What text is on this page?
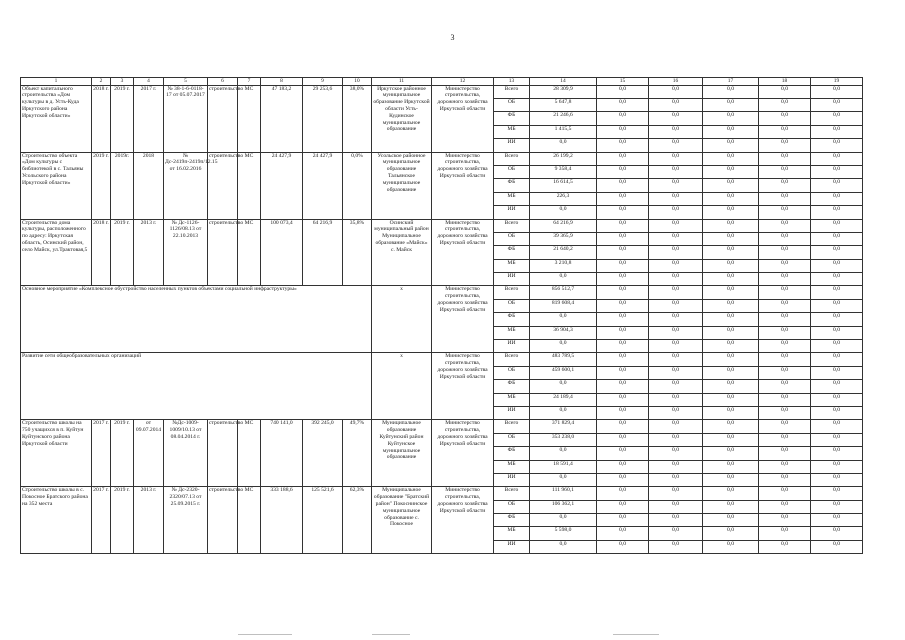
3
1	2	3	4	5	6	7	8	9	10	11	12	13	14	15	16	17	18	19
Объект капитального строительства «Дом культуры в д. Усть-Куда Иркутского района Иркутской области»	2018 г.	2019 г.	2017 г.	№ 38-1-6-0118-17 от 05.07.2017	строительство	МС	47 183,2	29 253,6	38,0%	Иркутское районное муниципальное образование Иркутской области Усть-Кудинское муниципальное образование	Министерство строительства, дорожного хозяйства Иркутской области	Всего	28 309,9	0,0	0,0	0,0	0,0	0,0
												ОБ	5 647,8	0,0	0,0	0,0	0,0	0,0
												ФБ	21 246,6	0,0	0,0	0,0	0,0	0,0
												МБ	1 415,5	0,0	0,0	0,0	0,0	0,0
												ИИ	0,0	0,0	0,0	0,0	0,0	0,0
Строительство объекта «Дом культуры с библиотекой в с. Тальяны Усольского района Иркутской области»	2019 г.	2019г.	2018	№ Дс-2419п-2419п/12.15 от 16.02.2016	строительство	МС	24 427,9	24 427,9	0,0%	Усольское районное муниципальное образование Тальянское муниципальное образование	Министерство строительства, дорожного хозяйства Иркутской области	Всего	26 199,2	0,0	0,0	0,0	0,0	0,0
												ОБ	9 358,4	0,0	0,0	0,0	0,0	0,0
												ФБ	16 614,5	0,0	0,0	0,0	0,0	0,0
												МБ	226,3	0,0	0,0	0,0	0,0	0,0
												ИИ	0,0	0,0	0,0	0,0	0,0	0,0
Строительство дома культуры, расположенного по адресу: Иркутская область, Осинский район, село Майск, ул.Трактовая,5	2018 г.	2019 г.	2013 г.	№ Дс-1126-1126/08.13 от 22.10.2013	строительство	МС	100 073,4	64 216,9	35,8%	Осинский муниципальный район Муниципальное образование «Майск» с. Майск	Министерство строительства, дорожного хозяйства Иркутской области	Всего	64 216,9	0,0	0,0	0,0	0,0	0,0
												ОБ	39 365,9	0,0	0,0	0,0	0,0	0,0
												ФБ	21 640,2	0,0	0,0	0,0	0,0	0,0
												МБ	3 210,8	0,0	0,0	0,0	0,0	0,0
												ИИ	0,0	0,0	0,0	0,0	0,0	0,0
Основное мероприятие «Комплексное обустройство населенных пунктов объектами социальной инфраструктуры»										х	Министерство строительства, дорожного хозяйства Иркутской области	Всего	856 512,7	0,0	0,0	0,0	0,0	0,0
												ОБ	819 608,4	0,0	0,0	0,0	0,0	0,0
												ФБ	0,0	0,0	0,0	0,0	0,0	0,0
												МБ	36 904,3	0,0	0,0	0,0	0,0	0,0
												ИИ	0,0	0,0	0,0	0,0	0,0	0,0
Развитие сети общеобразовательных организаций										х	Министерство строительства, дорожного хозяйства Иркутской области	Всего	483 789,5	0,0	0,0	0,0	0,0	0,0
												ОБ	459 600,1	0,0	0,0	0,0	0,0	0,0
												ФБ	0,0	0,0	0,0	0,0	0,0	0,0
												МБ	24 189,4	0,0	0,0	0,0	0,0	0,0
												ИИ	0,0	0,0	0,0	0,0	0,0	0,0
Строительство школы на 750 учащихся в п. Куйтун Куйтунского района Иркутской области	2017 г.	2019 г.	от 09.07.2014	№Дс-1009-1009/10.13 от 08.04.2014 г.	строительство	МС	740 141,0	392 245,0	49,7%	Муниципальное образование Куйтунский район Куйтунское муниципальное образование	Министерство строительства, дорожного хозяйства Иркутской области	Всего	371 829,4	0,0	0,0	0,0	0,0	0,0
												ОБ	353 238,0	0,0	0,0	0,0	0,0	0,0
												ФБ	0,0	0,0	0,0	0,0	0,0	0,0
												МБ	18 591,4	0,0	0,0	0,0	0,0	0,0
												ИИ	0,0	0,0	0,0	0,0	0,0	0,0
Строительство школы в с. Покосное Братского района на 352 места	2017 г.	2019 г.	2013 г.	№ Дс-2320-2320/07.13 от 25.09.2015 г.	строительство	МС	333 188,6	125 521,6	62,3%	Муниципальное образование "Братский район" Покоснинское муниципальное образование с. Покосное	Министерство строительства, дорожного хозяйства Иркутской области	Всего	111 960,1	0,0	0,0	0,0	0,0	0,0
												ОБ	106 362,1	0,0	0,0	0,0	0,0	0,0
												ФБ	0,0	0,0	0,0	0,0	0,0	0,0
												МБ	5 598,0	0,0	0,0	0,0	0,0	0,0
												ИИ	0,0	0,0	0,0	0,0	0,0	0,0
